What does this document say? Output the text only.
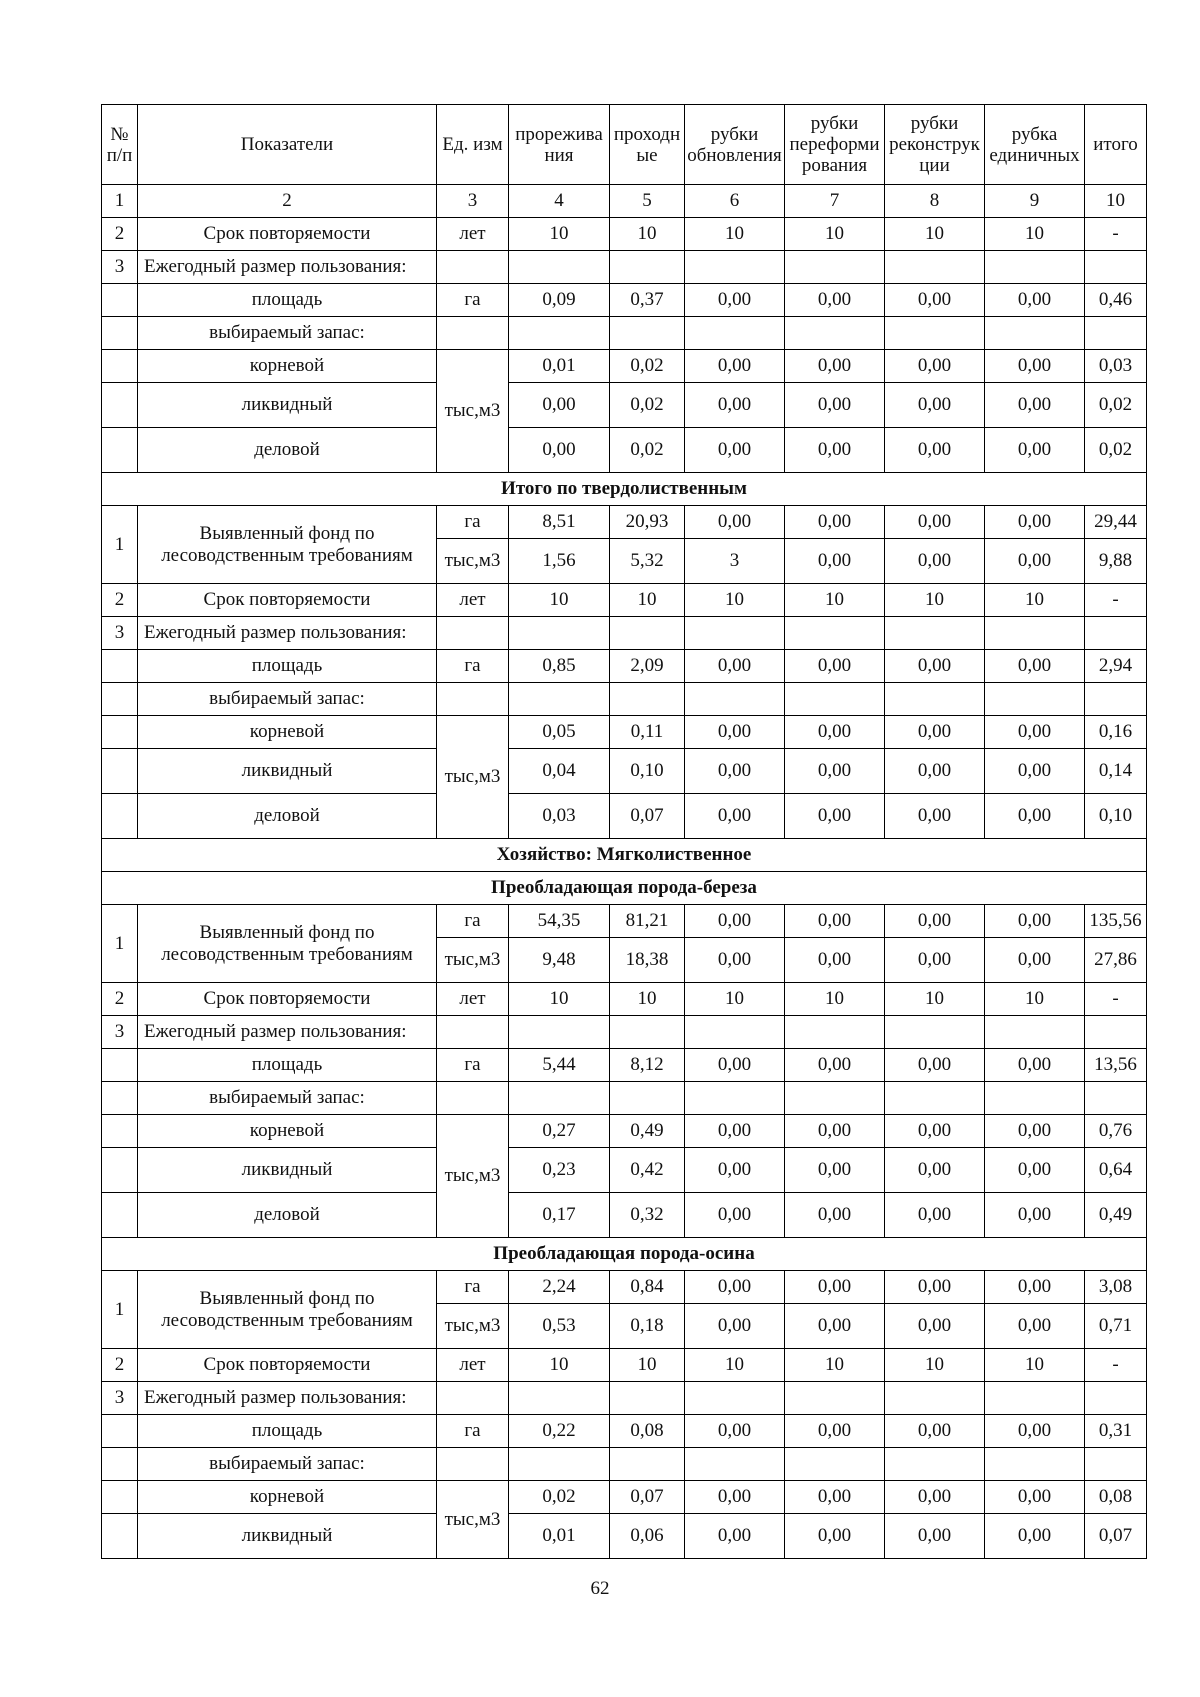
№ п/п	Показатели	Ед. изм	прорежива ния	проходн ые	рубки обновления	рубки переформи рования	рубки реконструк ции	рубка единичных	итого
1	2	3	4	5	6	7	8	9	10
2	Срок повторяемости	лет	10	10	10	10	10	10	-
3	Ежегодный размер пользования:								
	площадь	га	0,09	0,37	0,00	0,00	0,00	0,00	0,46
	выбираемый запас:								
	корневой	тыс,м3	0,01	0,02	0,00	0,00	0,00	0,00	0,03
	ликвидный		0,00	0,02	0,00	0,00	0,00	0,00	0,02
	деловой		0,00	0,02	0,00	0,00	0,00	0,00	0,02
Итого по твердолиственным									
1	Выявленный фонд по лесоводственным требованиям	га	8,51	20,93	0,00	0,00	0,00	0,00	29,44
		тыс,м3	1,56	5,32	3	0,00	0,00	0,00	9,88
2	Срок повторяемости	лет	10	10	10	10	10	10	-
3	Ежегодный размер пользования:								
	площадь	га	0,85	2,09	0,00	0,00	0,00	0,00	2,94
	выбираемый запас:								
	корневой	тыс,м3	0,05	0,11	0,00	0,00	0,00	0,00	0,16
	ликвидный		0,04	0,10	0,00	0,00	0,00	0,00	0,14
	деловой		0,03	0,07	0,00	0,00	0,00	0,00	0,10
Хозяйство: Мягколиственное									
Преобладающая порода-береза									
1	Выявленный фонд по лесоводственным требованиям	га	54,35	81,21	0,00	0,00	0,00	0,00	135,56
		тыс,м3	9,48	18,38	0,00	0,00	0,00	0,00	27,86
2	Срок повторяемости	лет	10	10	10	10	10	10	-
3	Ежегодный размер пользования:								
	площадь	га	5,44	8,12	0,00	0,00	0,00	0,00	13,56
	выбираемый запас:								
	корневой	тыс,м3	0,27	0,49	0,00	0,00	0,00	0,00	0,76
	ликвидный		0,23	0,42	0,00	0,00	0,00	0,00	0,64
	деловой		0,17	0,32	0,00	0,00	0,00	0,00	0,49
Преобладающая порода-осина									
1	Выявленный фонд по лесоводственным требованиям	га	2,24	0,84	0,00	0,00	0,00	0,00	3,08
		тыс,м3	0,53	0,18	0,00	0,00	0,00	0,00	0,71
2	Срок повторяемости	лет	10	10	10	10	10	10	-
3	Ежегодный размер пользования:								
	площадь	га	0,22	0,08	0,00	0,00	0,00	0,00	0,31
	выбираемый запас:								
	корневой	тыс,м3	0,02	0,07	0,00	0,00	0,00	0,00	0,08
	ликвидный		0,01	0,06	0,00	0,00	0,00	0,00	0,07
62
